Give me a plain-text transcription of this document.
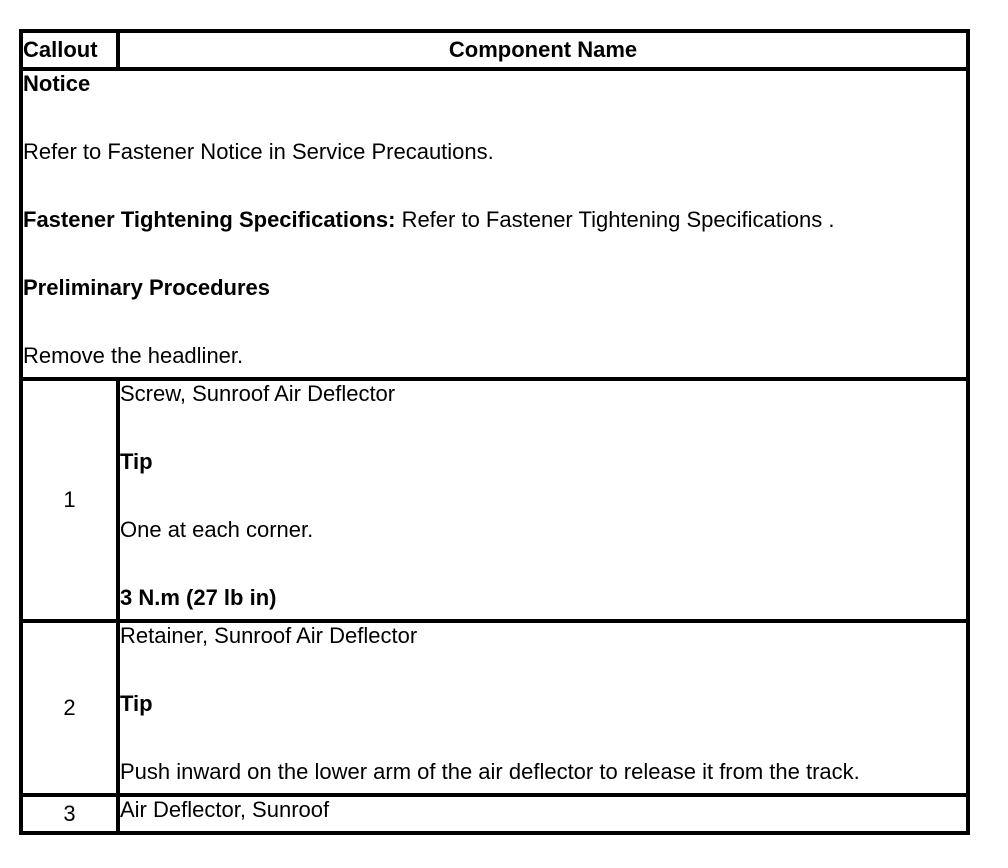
Callout	Component Name

Notice
Refer to Fastener Notice in Service Precautions.
Fastener Tightening Specifications: Refer to Fastener Tightening Specifications .
Preliminary Procedures
Remove the headliner.	

1	Screw, Sunroof Air Deflector
Tip
One at each corner.
3 N.m (27 lb in)

2	Retainer, Sunroof Air Deflector
Tip
Push inward on the lower arm of the air deflector to release it from the track.

3	Air Deflector, Sunroof
